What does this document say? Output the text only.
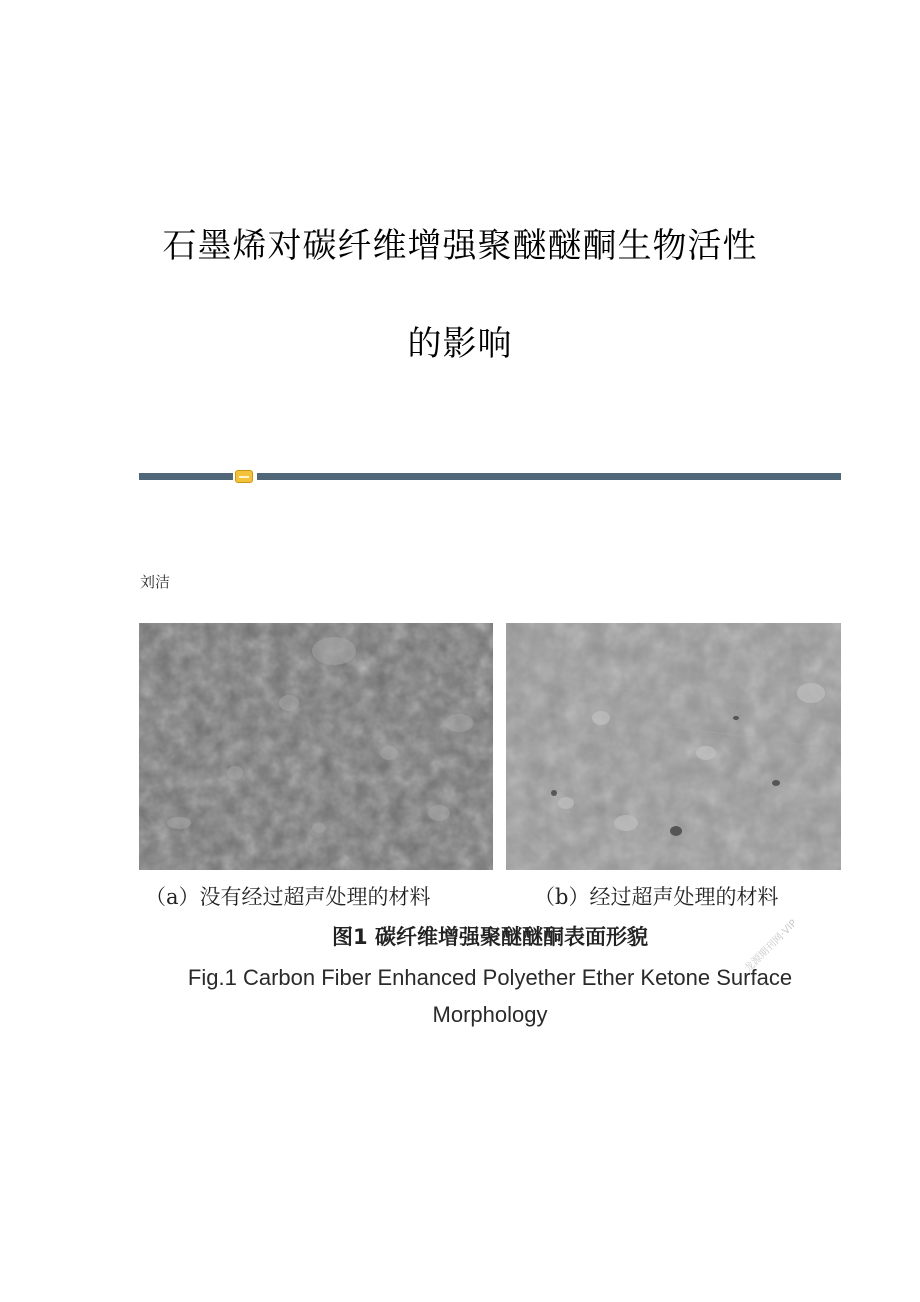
石墨烯对碳纤维增强聚醚醚酮生物活性
的影响
刘洁
（a）没有经过超声处理的材料	（b）经过超声处理的材料
图1 碳纤维增强聚醚醚酮表面形貌
Fig.1 Carbon Fiber Enhanced Polyether Ether Ketone Surface Morphology
龙源期刊网·VIP
